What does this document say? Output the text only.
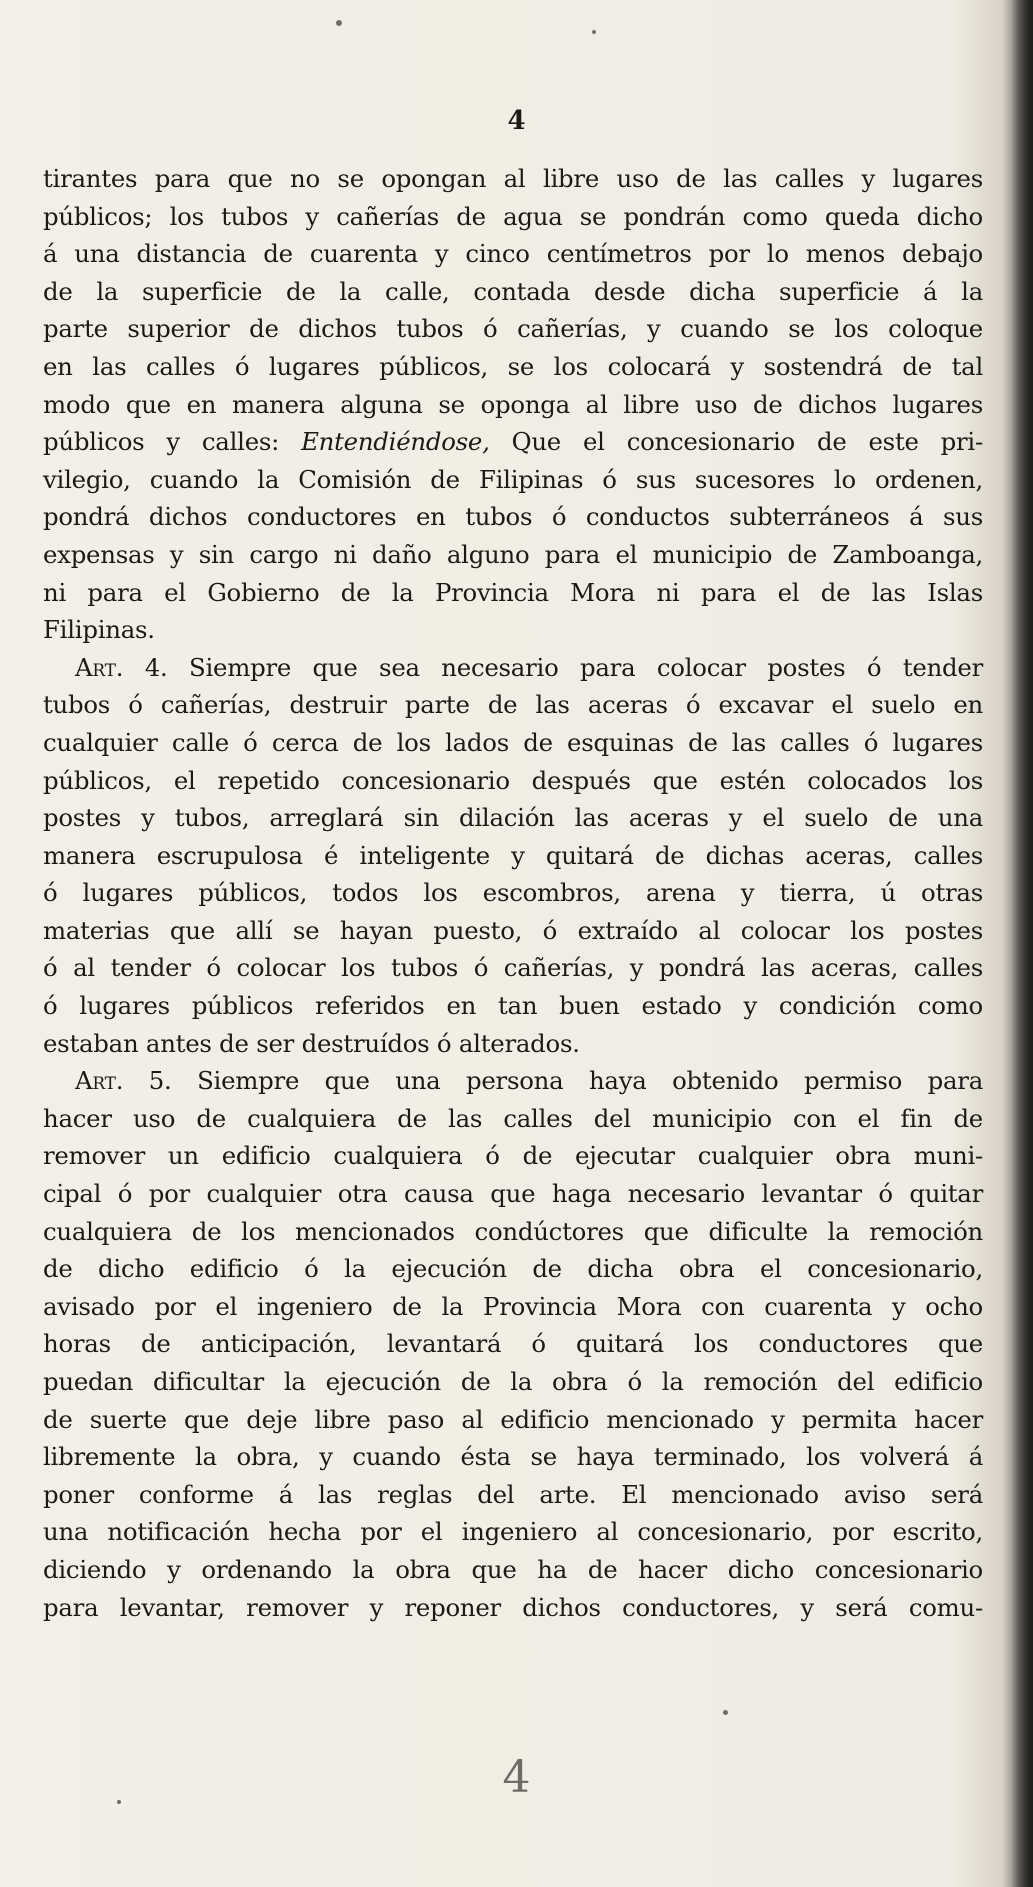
4
tirantes para que no se opongan al libre uso de las calles y lugares
públicos; los tubos y cañerías de agua se pondrán como queda dicho
á una distancia de cuarenta y cinco centímetros por lo menos debajo
de la superficie de la calle, contada desde dicha superficie á la
parte superior de dichos tubos ó cañerías, y cuando se los coloque
en las calles ó lugares públicos, se los colocará y sostendrá de tal
modo que en manera alguna se oponga al libre uso de dichos lugares
públicos y calles: Entendiéndose, Que el concesionario de este pri-
vilegio, cuando la Comisión de Filipinas ó sus sucesores lo ordenen,
pondrá dichos conductores en tubos ó conductos subterráneos á sus
expensas y sin cargo ni daño alguno para el municipio de Zamboanga,
ni para el Gobierno de la Provincia Mora ni para el de las Islas
Filipinas.
Art. 4. Siempre que sea necesario para colocar postes ó tender
tubos ó cañerías, destruir parte de las aceras ó excavar el suelo en
cualquier calle ó cerca de los lados de esquinas de las calles ó lugares
públicos, el repetido concesionario después que estén colocados los
postes y tubos, arreglará sin dilación las aceras y el suelo de una
manera escrupulosa é inteligente y quitará de dichas aceras, calles
ó lugares públicos, todos los escombros, arena y tierra, ú otras
materias que allí se hayan puesto, ó extraído al colocar los postes
ó al tender ó colocar los tubos ó cañerías, y pondrá las aceras, calles
ó lugares públicos referidos en tan buen estado y condición como
estaban antes de ser destruídos ó alterados.
Art. 5. Siempre que una persona haya obtenido permiso para
hacer uso de cualquiera de las calles del municipio con el fin de
remover un edificio cualquiera ó de ejecutar cualquier obra muni-
cipal ó por cualquier otra causa que haga necesario levantar ó quitar
cualquiera de los mencionados condúctores que dificulte la remoción
de dicho edificio ó la ejecución de dicha obra el concesionario,
avisado por el ingeniero de la Provincia Mora con cuarenta y ocho
horas de anticipación, levantará ó quitará los conductores que
puedan dificultar la ejecución de la obra ó la remoción del edificio
de suerte que deje libre paso al edificio mencionado y permita hacer
libremente la obra, y cuando ésta se haya terminado, los volverá á
poner conforme á las reglas del arte. El mencionado aviso será
una notificación hecha por el ingeniero al concesionario, por escrito,
diciendo y ordenando la obra que ha de hacer dicho concesionario
para levantar, remover y reponer dichos conductores, y será comu-
4
